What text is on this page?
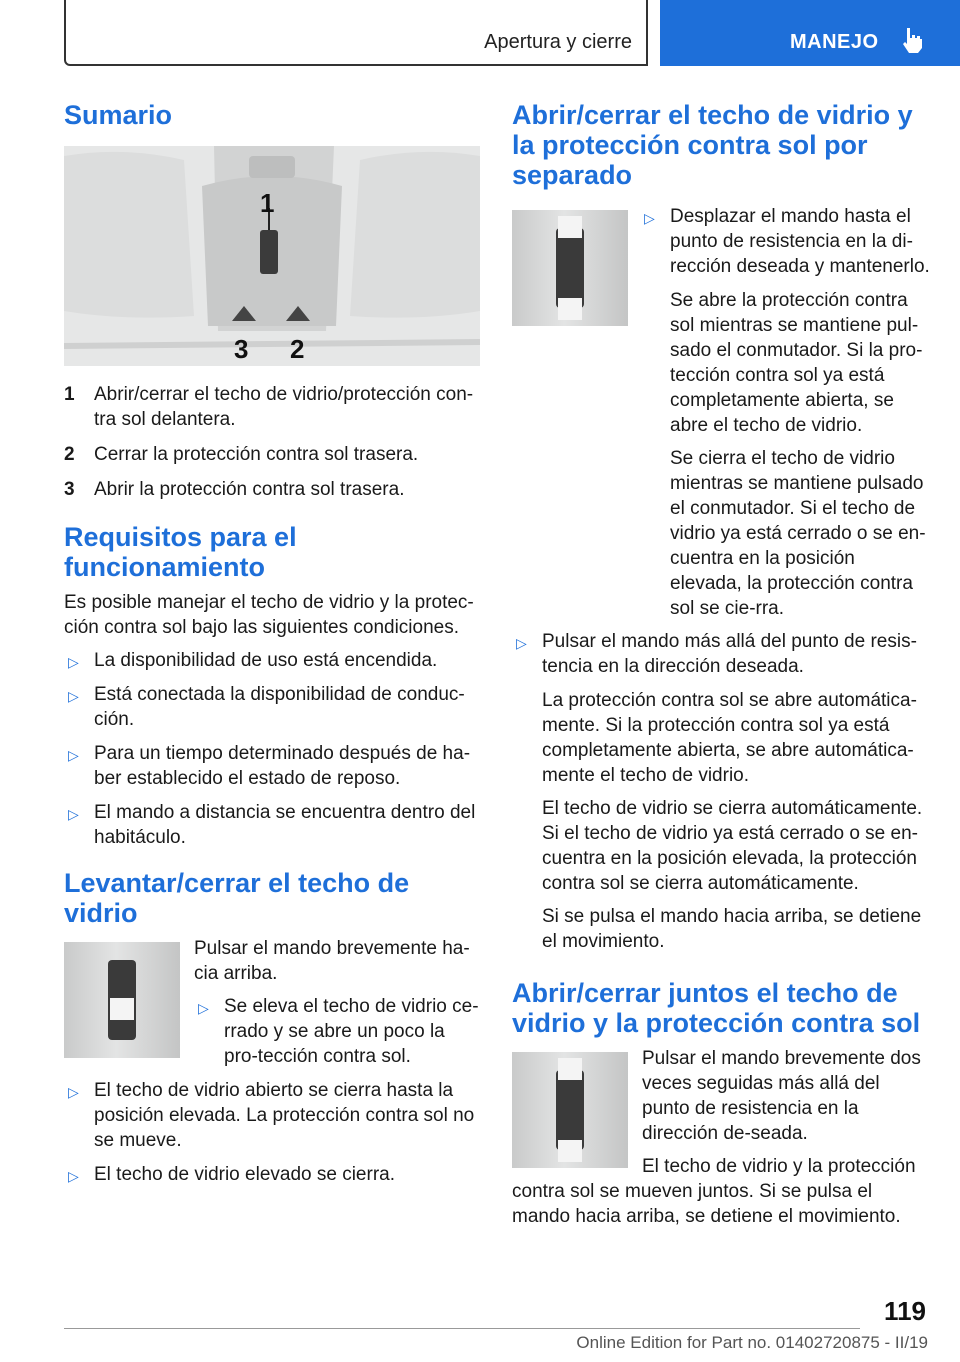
Apertura y cierre	MANEJO
Sumario
1
3 2
1 Abrir/cerrar el techo de vidrio/protección con-tra sol delantera.
2 Cerrar la protección contra sol trasera.
3 Abrir la protección contra sol trasera.
Requisitos para el funcionamiento

Es posible manejar el techo de vidrio y la protec-ción contra sol bajo las siguientes condiciones.

▷ La disponibilidad de uso está encendida.
▷ Está conectada la disponibilidad de conduc-ción.
▷ Para un tiempo determinado después de ha-ber establecido el estado de reposo.
▷ El mando a distancia se encuentra dentro del habitáculo.
Levantar/cerrar el techo de vidrio

Pulsar el mando brevemente ha-cia arriba.

▷ Se eleva el techo de vidrio ce-rrado y se abre un poco la pro-tección contra sol.
▷ El techo de vidrio abierto se cierra hasta la posición elevada. La protección contra sol no se mueve.
▷ El techo de vidrio elevado se cierra.
Abrir/cerrar el techo de vidrio y la protección contra sol por separado
▷ Desplazar el mando hasta el punto de resistencia en la di-rección deseada y mantenerlo.

Se abre la protección contra sol mientras se mantiene pul-sado el conmutador. Si la pro-tección contra sol ya está completamente abierta, se abre el techo de vidrio.

Se cierra el techo de vidrio mientras se mantiene pulsado el conmutador. Si el techo de vidrio ya está cerrado o se en-cuentra en la posición elevada, la protección contra sol se cie-rra.

▷ Pulsar el mando más allá del punto de resis-tencia en la dirección deseada.

La protección contra sol se abre automática-mente. Si la protección contra sol ya está completamente abierta, se abre automática-mente el techo de vidrio.

El techo de vidrio se cierra automáticamente. Si el techo de vidrio ya está cerrado o se en-cuentra en la posición elevada, la protección contra sol se cierra automáticamente.

Si se pulsa el mando hacia arriba, se detiene el movimiento.

Abrir/cerrar juntos el techo de vidrio y la protección contra sol

Pulsar el mando brevemente dos veces seguidas más allá del punto de resistencia en la dirección de-seada.

El techo de vidrio y la protección contra sol se mueven juntos. Si se pulsa el mando hacia arriba, se detiene el movimiento.

119
Online Edition for Part no. 01402720875 - II/19
